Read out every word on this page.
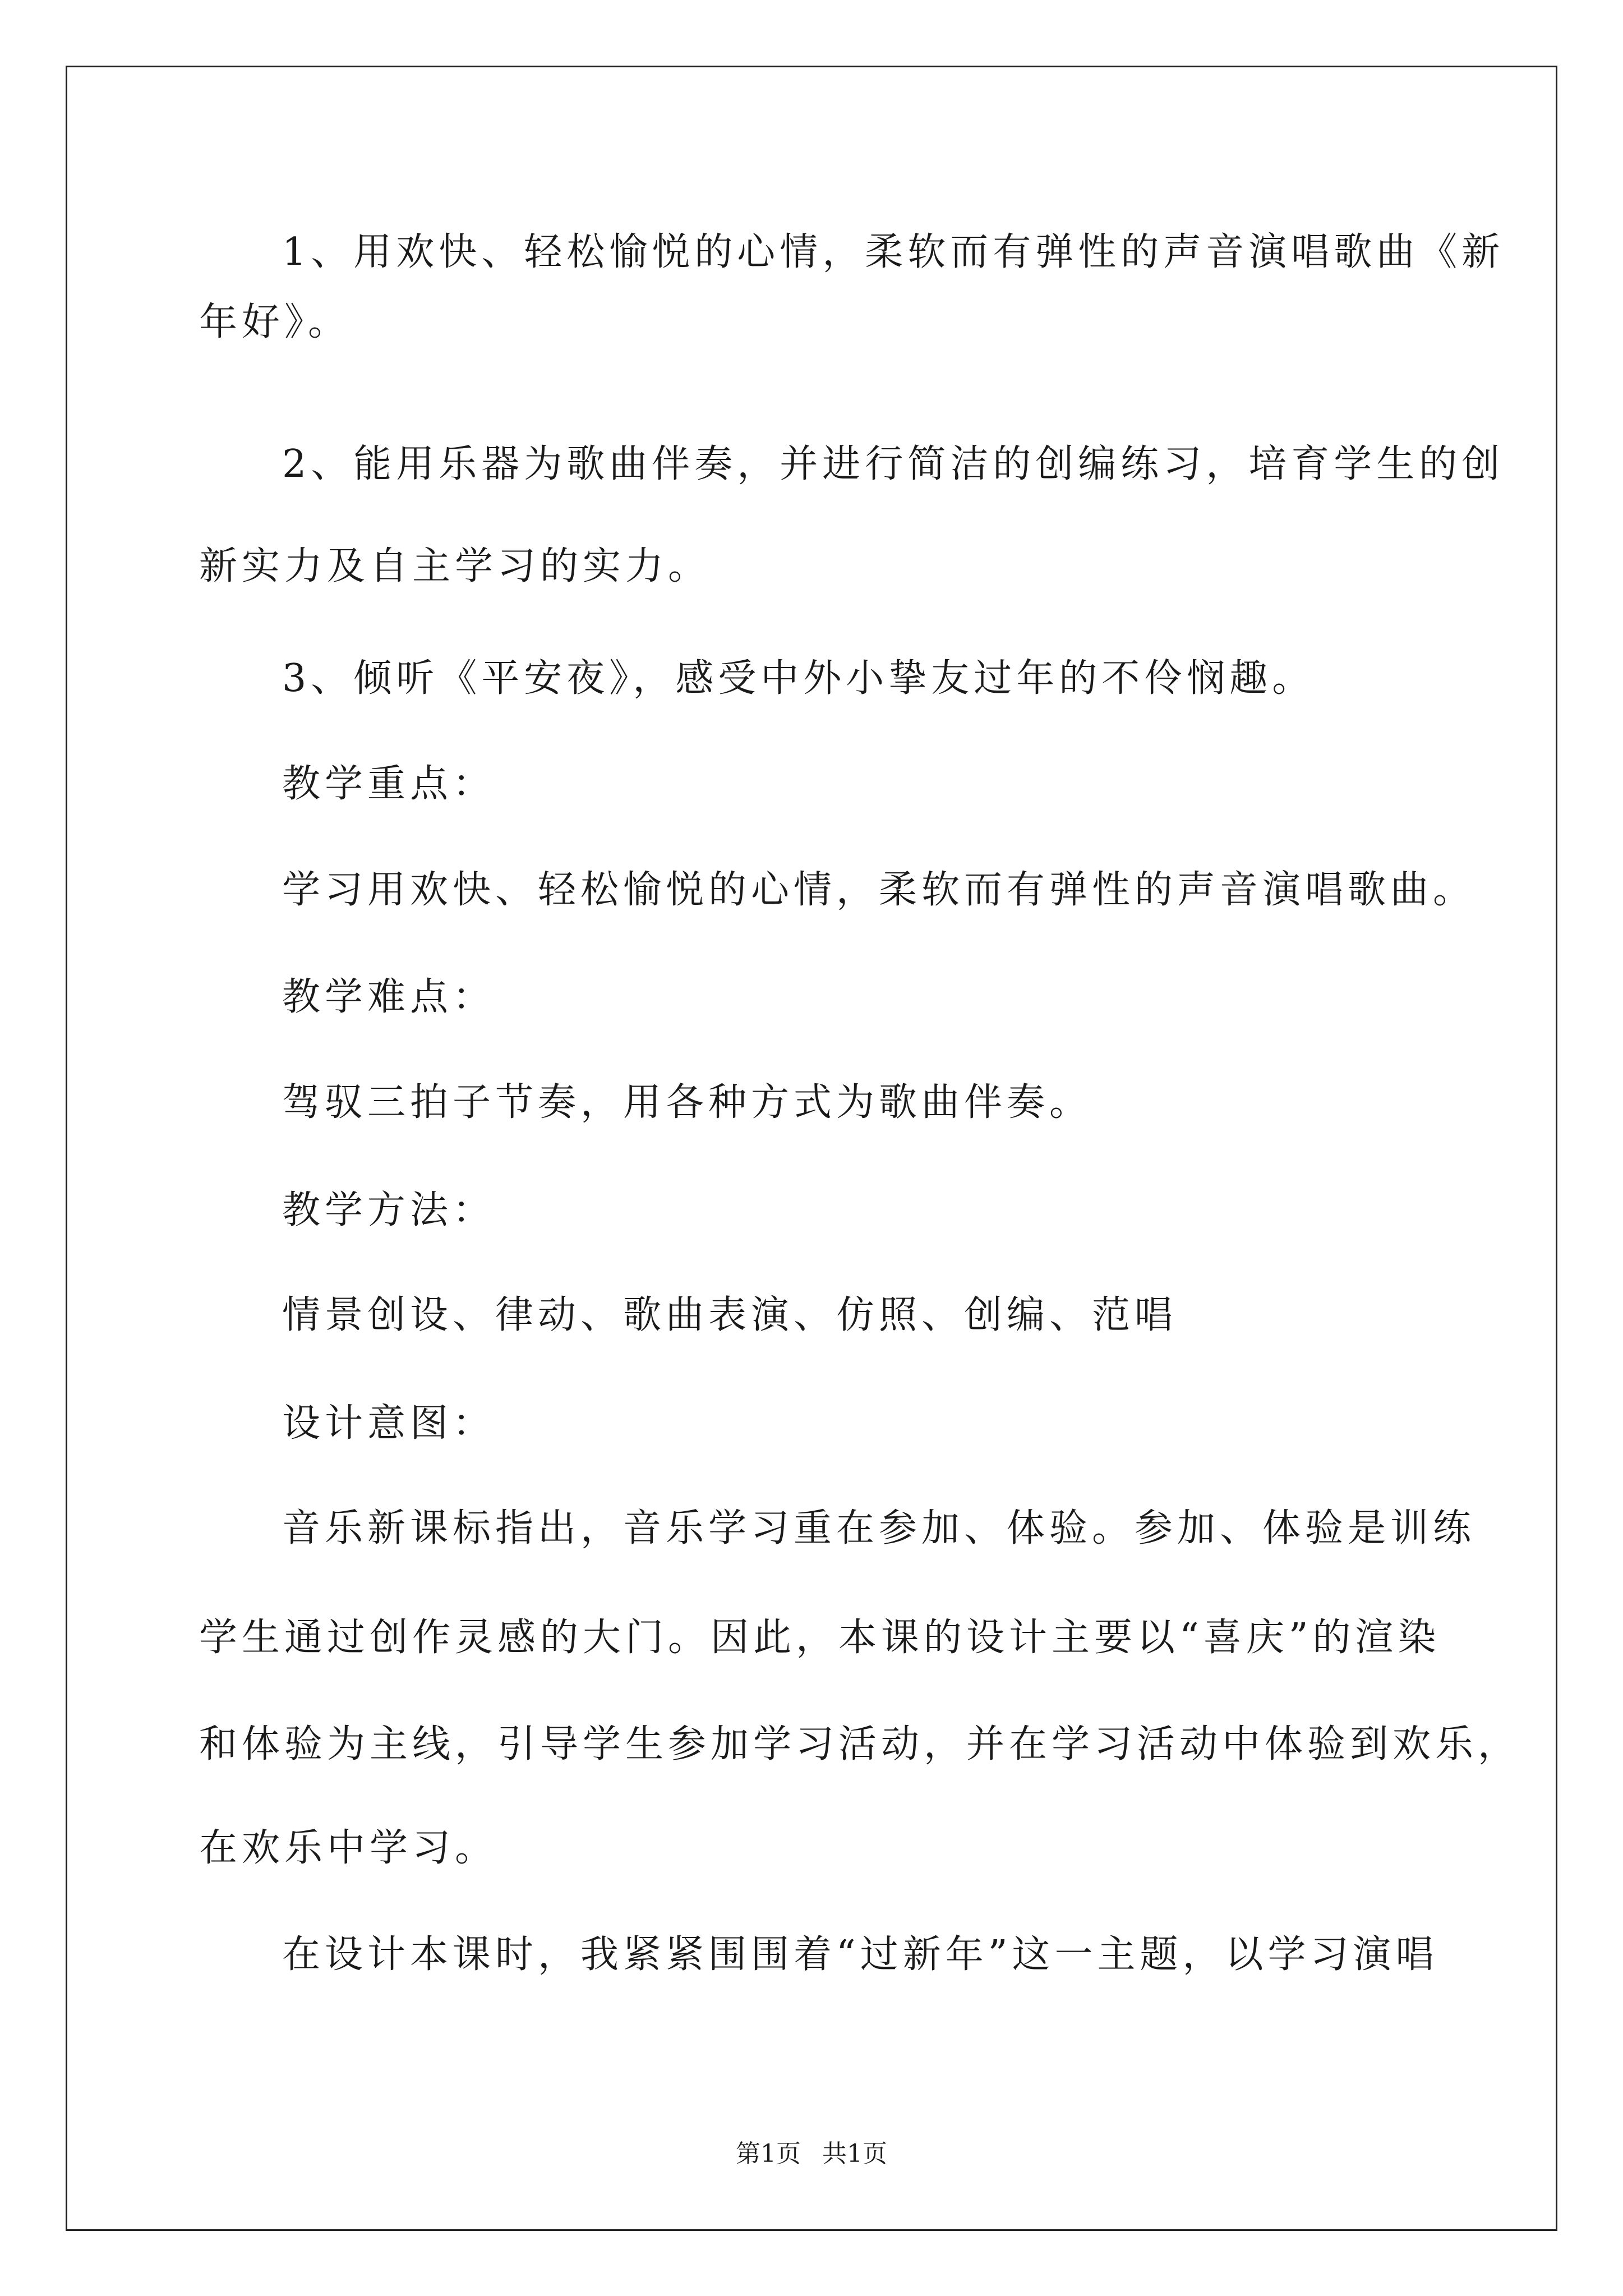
1、用欢快、轻松愉悦的心情，柔软而有弹性的声音演唱歌曲《新
年好》。
2、能用乐器为歌曲伴奏，并进行简洁的创编练习，培育学生的创
新实力及自主学习的实力。
3、倾听《平安夜》，感受中外小挚友过年的不伶悯趣。
教学重点：
学习用欢快、轻松愉悦的心情，柔软而有弹性的声音演唱歌曲。
教学难点：
驾驭三拍子节奏，用各种方式为歌曲伴奏。
教学方法：
情景创设、律动、歌曲表演、仿照、创编、范唱
设计意图：
音乐新课标指出，音乐学习重在参加、体验。参加、体验是训练
学生通过创作灵感的大门。因此，本课的设计主要以“喜庆”的渲染
和体验为主线，引导学生参加学习活动，并在学习活动中体验到欢乐，
在欢乐中学习。
在设计本课时，我紧紧围围着“过新年”这一主题，以学习演唱
第1页 共1页
